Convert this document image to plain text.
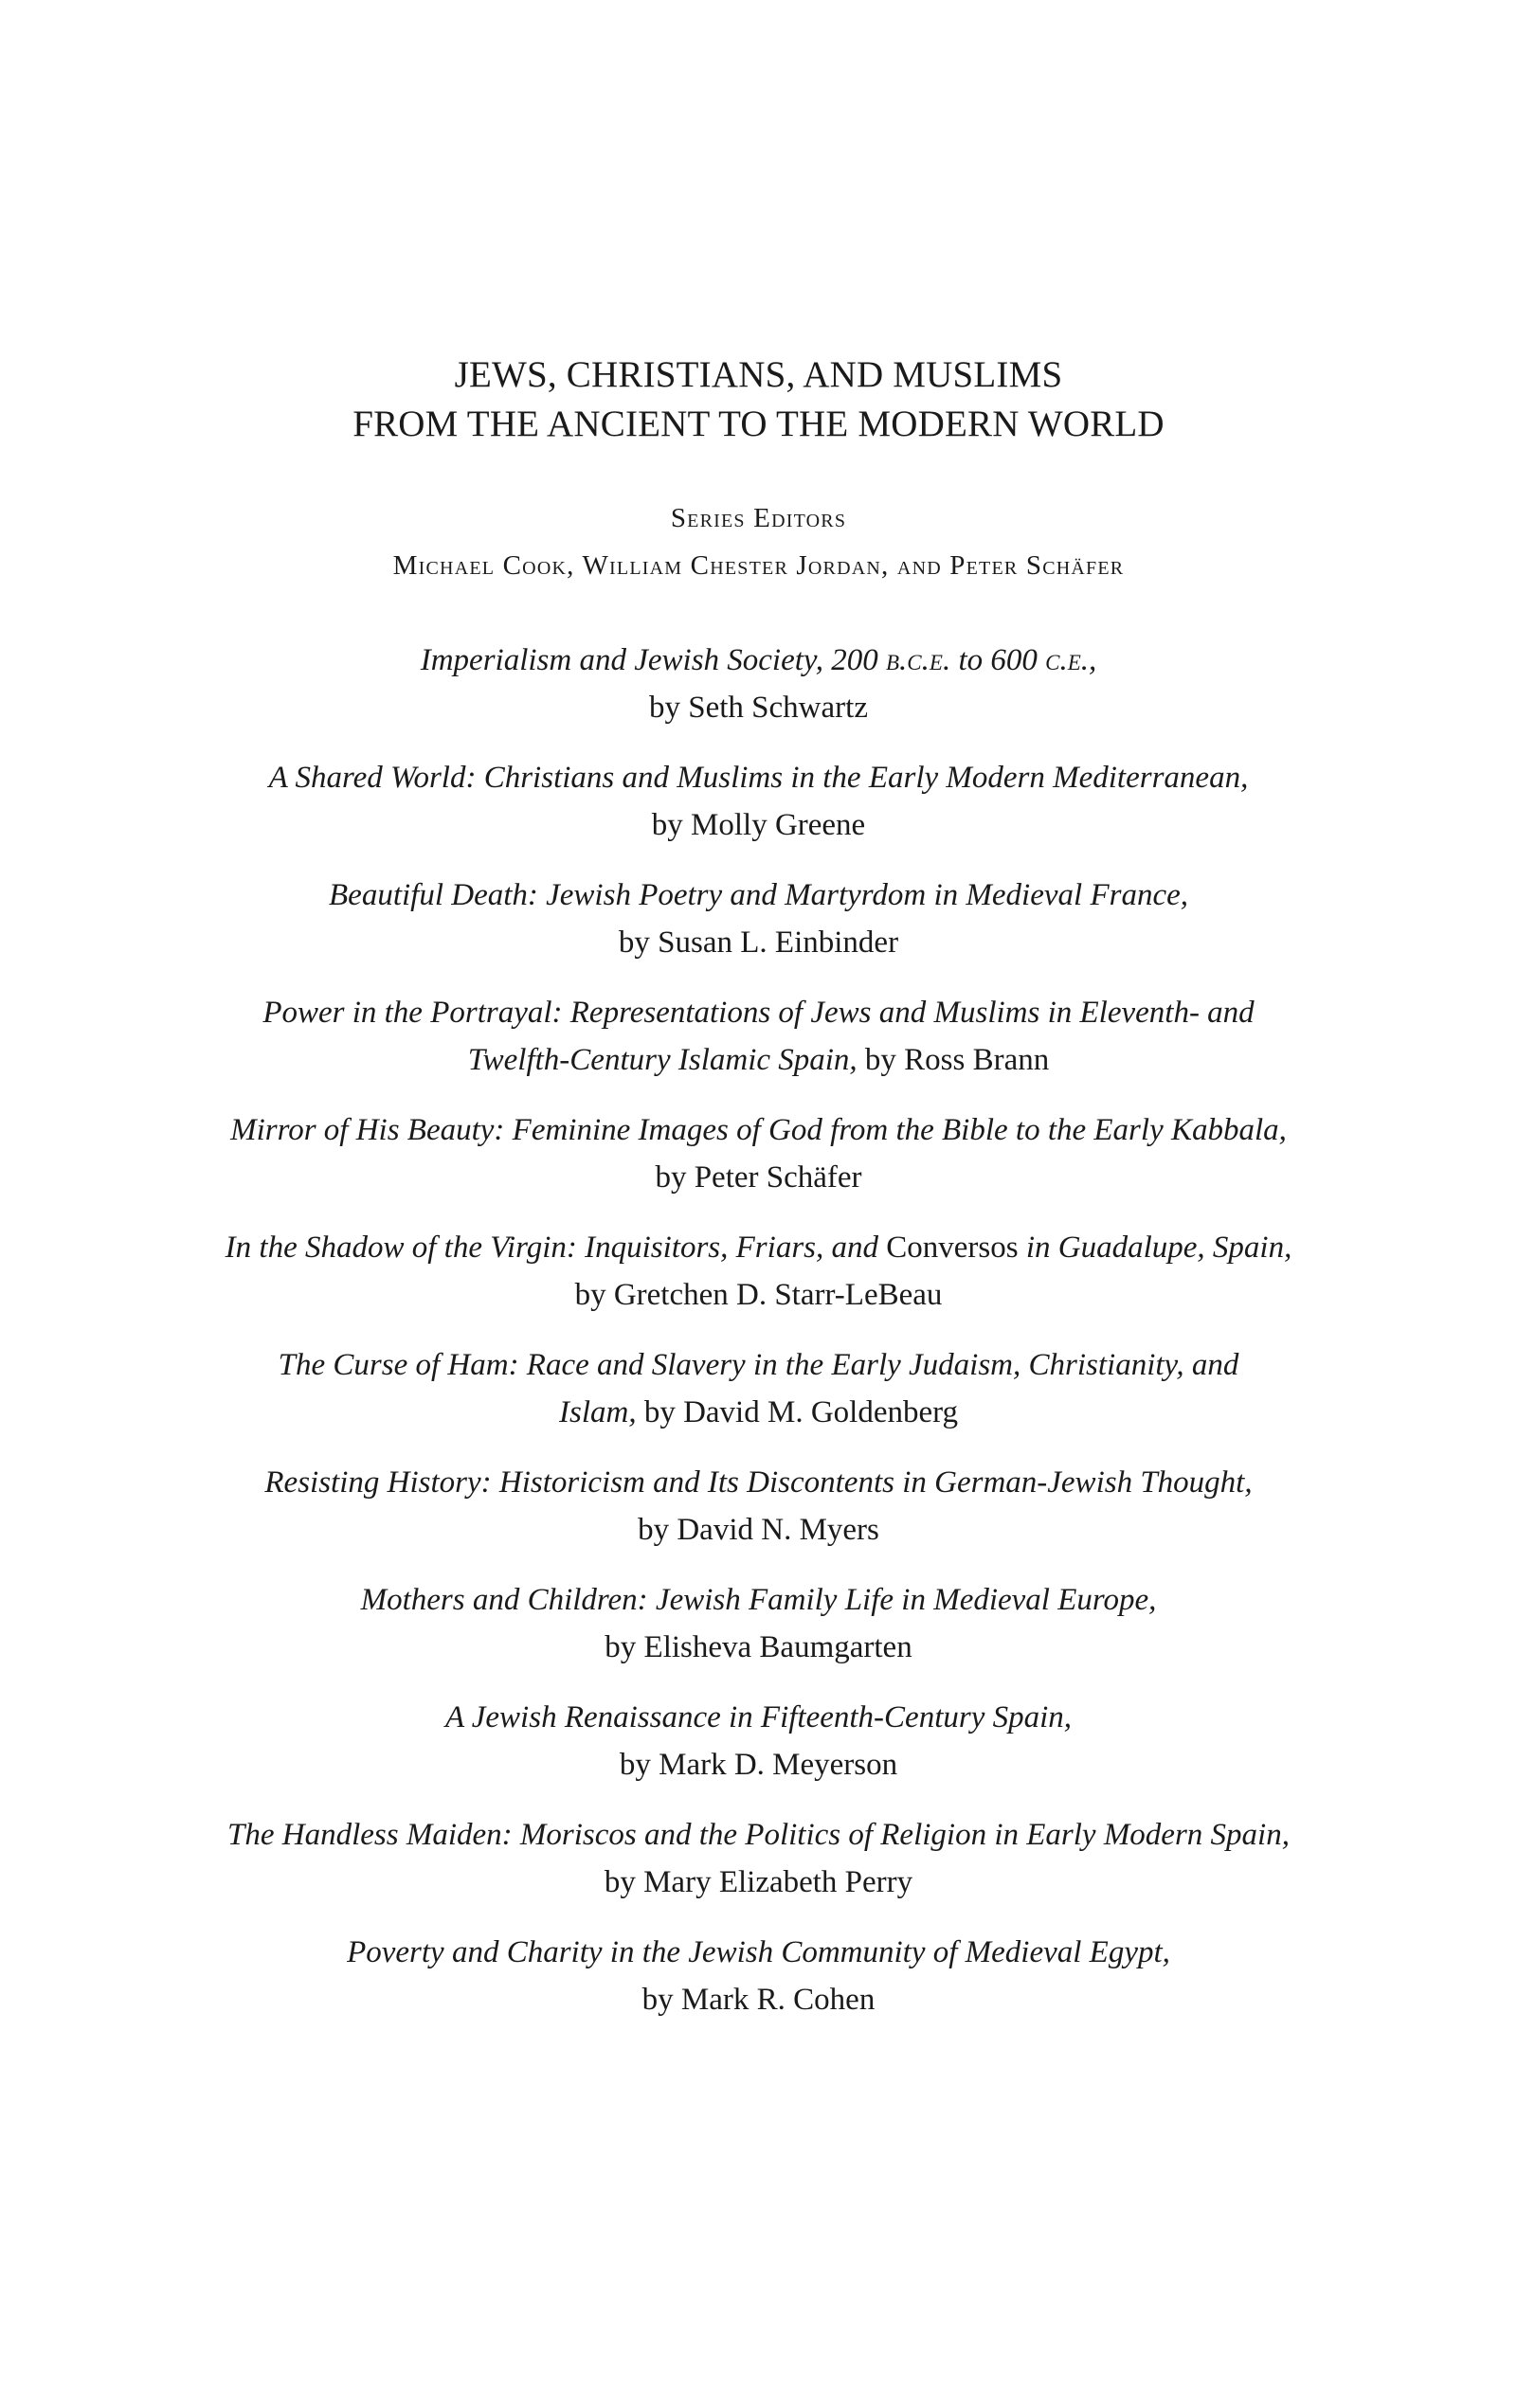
JEWS, CHRISTIANS, AND MUSLIMS
FROM THE ANCIENT TO THE MODERN WORLD
Series Editors
Michael Cook, William Chester Jordan, and Peter Schäfer
Imperialism and Jewish Society, 200 b.c.e. to 600 c.e.,
by Seth Schwartz
A Shared World: Christians and Muslims in the Early Modern Mediterranean,
by Molly Greene
Beautiful Death: Jewish Poetry and Martyrdom in Medieval France,
by Susan L. Einbinder
Power in the Portrayal: Representations of Jews and Muslims in Eleventh- and
Twelfth-Century Islamic Spain, by Ross Brann
Mirror of His Beauty: Feminine Images of God from the Bible to the Early Kabbala,
by Peter Schäfer
In the Shadow of the Virgin: Inquisitors, Friars, and Conversos in Guadalupe, Spain,
by Gretchen D. Starr-LeBeau
The Curse of Ham: Race and Slavery in the Early Judaism, Christianity, and
Islam, by David M. Goldenberg
Resisting History: Historicism and Its Discontents in German-Jewish Thought,
by David N. Myers
Mothers and Children: Jewish Family Life in Medieval Europe,
by Elisheva Baumgarten
A Jewish Renaissance in Fifteenth-Century Spain,
by Mark D. Meyerson
The Handless Maiden: Moriscos and the Politics of Religion in Early Modern Spain,
by Mary Elizabeth Perry
Poverty and Charity in the Jewish Community of Medieval Egypt,
by Mark R. Cohen
